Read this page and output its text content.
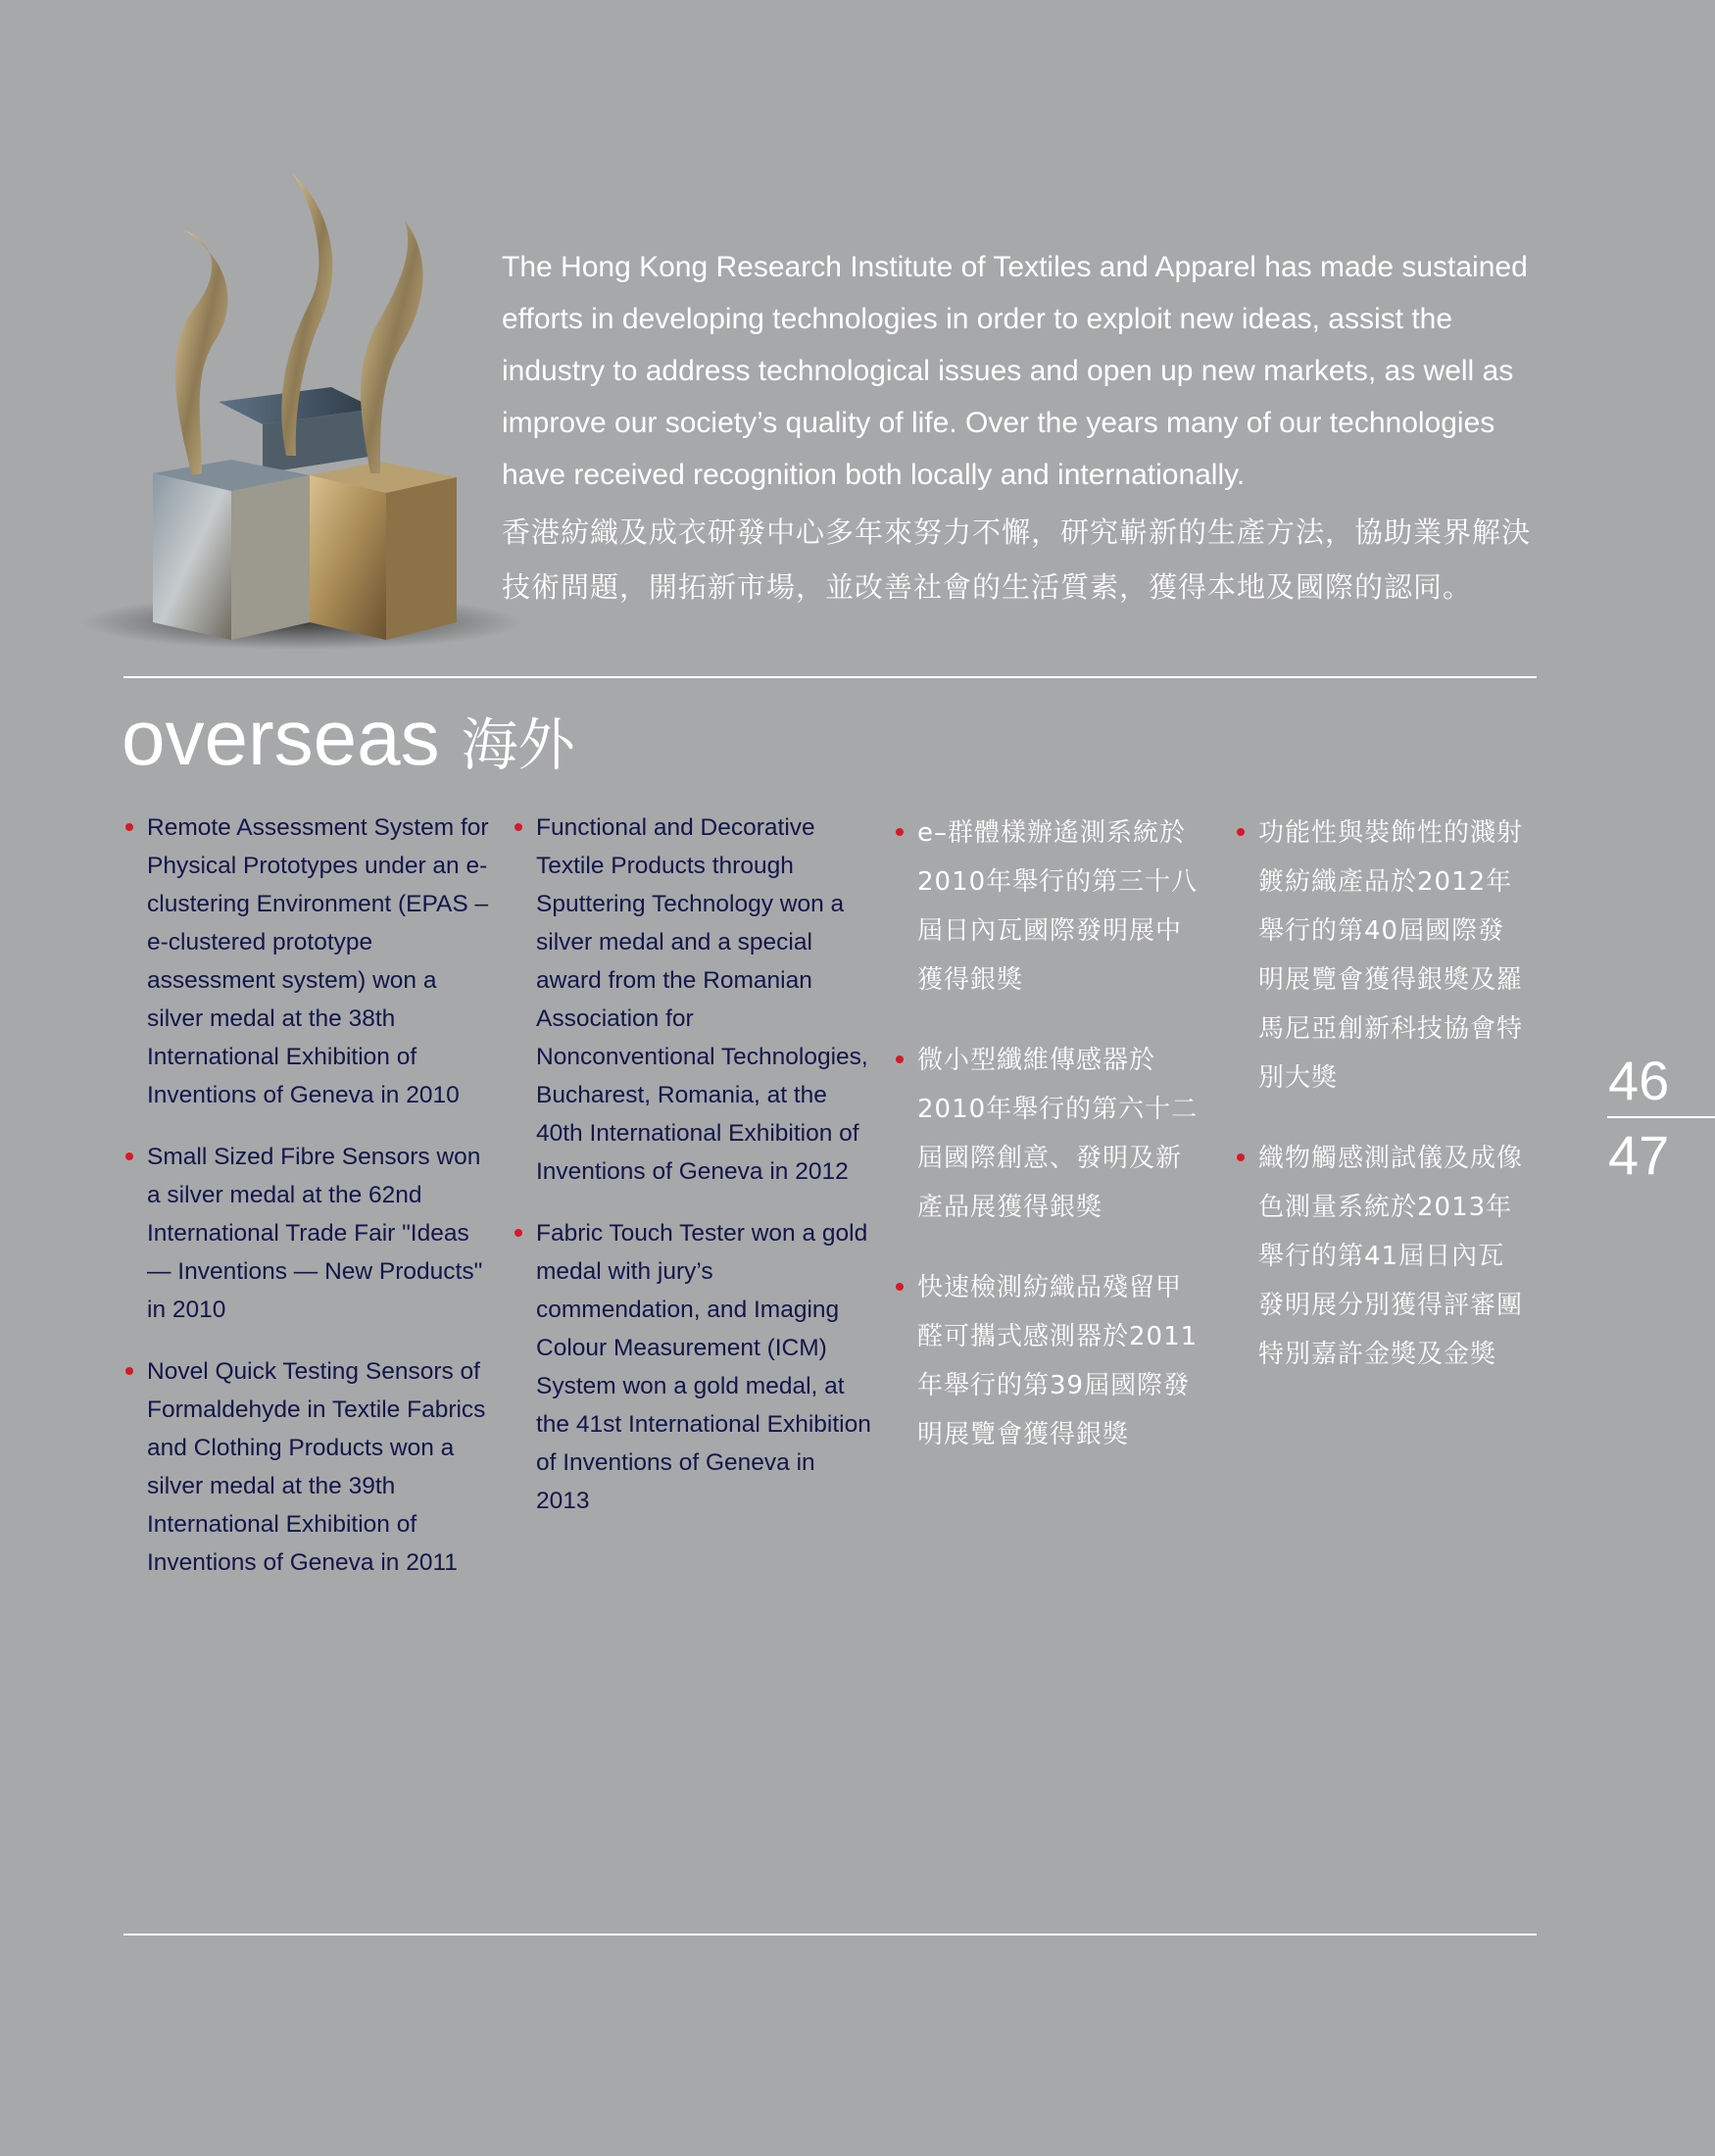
The Hong Kong Research Institute of Textiles and Apparel has made sustained efforts in developing technologies in order to exploit new ideas, assist the industry to address technological issues and open up new markets, as well as improve our society’s quality of life. Over the years many of our technologies have received recognition both locally and internationally.

香港紡織及成衣研發中心多年來努力不懈，研究嶄新的生產方法，協助業界解決技術問題，開拓新市場，並改善社會的生活質素，獲得本地及國際的認同。

overseas 海外
Remote Assessment System for Physical Prototypes under an e-clustering Environment (EPAS – e-clustered prototype assessment system) won a silver medal at the 38th International Exhibition of Inventions of Geneva in 2010
Small Sized Fibre Sensors won a silver medal at the 62nd International Trade Fair "Ideas — Inventions — New Products" in 2010
Novel Quick Testing Sensors of Formaldehyde in Textile Fabrics and Clothing Products won a silver medal at the 39th International Exhibition of Inventions of Geneva in 2011
Functional and Decorative Textile Products through Sputtering Technology won a silver medal and a special award from the Romanian Association for Nonconventional Technologies, Bucharest, Romania, at the 40th International Exhibition of Inventions of Geneva in 2012
Fabric Touch Tester won a gold medal with jury’s commendation, and Imaging Colour Measurement (ICM) System won a gold medal, at the 41st International Exhibition of Inventions of Geneva in 2013
e–群體樣辦遙測系統於2010年舉行的第三十八屆日內瓦國際發明展中獲得銀獎
微小型纖維傳感器於2010年舉行的第六十二屆國際創意、發明及新產品展獲得銀獎
快速檢測紡織品殘留甲醛可攜式感測器於2011年舉行的第39屆國際發明展覽會獲得銀獎
功能性與裝飾性的濺射鍍紡織產品於2012年舉行的第40屆國際發明展覽會獲得銀獎及羅馬尼亞創新科技協會特別大獎
織物觸感測試儀及成像色測量系統於2013年舉行的第41屆日內瓦發明展分別獲得評審團特別嘉許金獎及金獎
46
47
